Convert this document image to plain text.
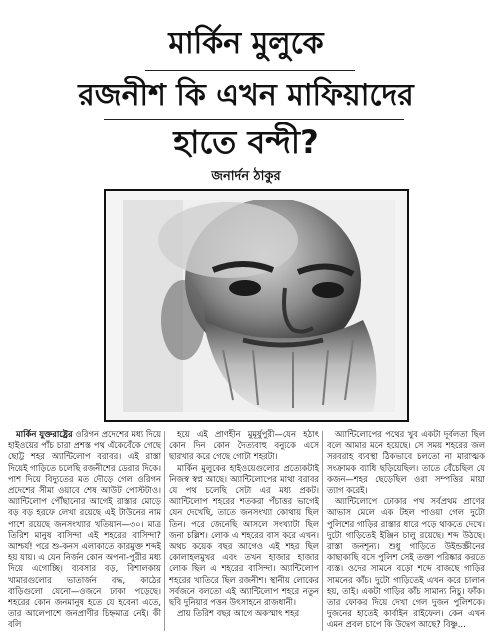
মার্কিন মুলুকে
রজনীশ কি এখন মাফিয়াদের
হাতে বন্দী?
জনার্দন ঠাকুর

মার্কিন যুক্তরাষ্ট্রের ওরিগন প্রদেশের মধ্য দিয়ে হাইওয়ের পাঁচ চারা প্রশস্ত পথ এঁকেবেঁকে গেছে ছোট্ট শহর অ্যান্টিলোপ বরাবর। এই রাস্তা দিয়েই গাড়িতে চলেছি রজনীশের ডেরার দিকে। পাশ দিয়ে বিদ্যুতের মত দৌড়ে গেল ওরিগন প্রদেশের সীমা ওয়াবে শেষ আউট পোস্টটাও। অ্যান্টিলোপ পৌঁছানোর আগেই রাস্তার মোড়ে বড় বড় হরফে লেখা রয়েছে এই টাউনের নাম পাশে রয়েছে জনসংখ্যার খতিয়ান—৩০। মাত্র তিরিশ মানুষ বাসিন্দা এই শহরের বাসিন্দা? আশ্চর্য! পরে শু-কনস এলাকাতে কারমুক্ত শব্দই হয় যায়। এ যেন নির্জন কোন অপনা-পুরীর মধ্য দিয়ে এগোচ্ছি। ব্যবসার বড়, বিশালকায় খামারগুলোর ভাতার্জন বদ্ধ, কাঠের বাড়িগুলো যেনো—ওজনে ঢাকা পড়েছে। শহরের কোন জনমানুষ হতে যে হবেনা এতে, তার আলেপাশে জনপ্রাণীর চিহ্নমাত্র নেই। কী বলি

হয়ে এই প্রাণহীন মুমূর্ষুপুরী—যেন হঠাৎ কোন দিন কোন দৈত্যবাহু বন্যুকে এসে ছারখার করে গেছে গোটা শহরটা।

মার্কিন মুলুকের হাইওয়েগুলোর প্রত্যেকটাই নিজস্ব স্বপ্ন আছে। অ্যান্টিলোপের মাথা বরাবর যে পথ চলেছি সেটা এর মধ্য প্রকট। অ্যান্টিলোপ শহরের শতকরা পঁচাত্তর ভাগেই যেন দেখেছি, তাতে জনসংখ্যা কোথায় ছিল তিন। পরে জেনেছি আসলে সংখ্যাটা ছিল জনা চল্লিশ। লোক এ শহরের বাস করে এখন। অথচ কয়েক বছর আগেও এই শহর ছিল কোলাহলমুখর এবং তখন হাজার হাজার লোক ছিল এ শহরের বাসিন্দা। অ্যান্টিলোপ শহরের খাতিরে ছিল রজনীশ। স্থানীয় লোকের সর্বজনে বলতো এই অ্যান্টিলোপ শহরে নতুন ছবি দুনিয়ার পত্তন উৎসাহনে রাজধানী।

প্রায় তিরিশ বছর আগে অকস্মাৎ শহর

অ্যান্টিলোপের পথের খুব একটা দূর্বলতা ছিল বলে আমার মনে হয়েছে। সে সময় শহরের জল সরবরাহ ব্যবস্থা ঠিকভাবে চলতো না মারাত্মক সংক্রামক ব্যাধি ছড়িয়েছিল। তাতে বেঁচেছিল যে কজন—শহর ছেড়েছিল ওরা সম্পত্তির মায়া ত্যাগ করেই।

অ্যান্টিলোপে ঢোকার পথ সর্বপ্রথম প্রাণের আভাস মেলে এক টহল পাওয়া গেল দুটো পুলিশের গাড়ির রাস্তার ধারে পড়ে থাকতে দেখে। দুটো গাড়িতেই ইঞ্জিন চালু রয়েছে। শব্দ উঠছে। রাস্তা জনশূন্য। শুধু গাড়িতে উইন্ডস্ক্রীনের কাছাকাছি বসে পুলিশ সেই তক্তা পরিষ্কার করতে ব্যস্ত। ওদের সামনে বড়ো শব্দে বাজছে গাড়ির সামনের কাঁচ। দুটো গাড়িতেই এখন করে চালান হয়, তাই। একটা গাড়ির কাঁচ সামান্য নিচু। ফাঁক। তার ফোকর দিয়ে দেখা গেল দুজন পুলিশকে। দুজনের হাতেই কার্বাইন রাইফেল। কেন এখন এমন প্রবল চাপে কি উদ্বেগ আছে? বিষ্ণু...
